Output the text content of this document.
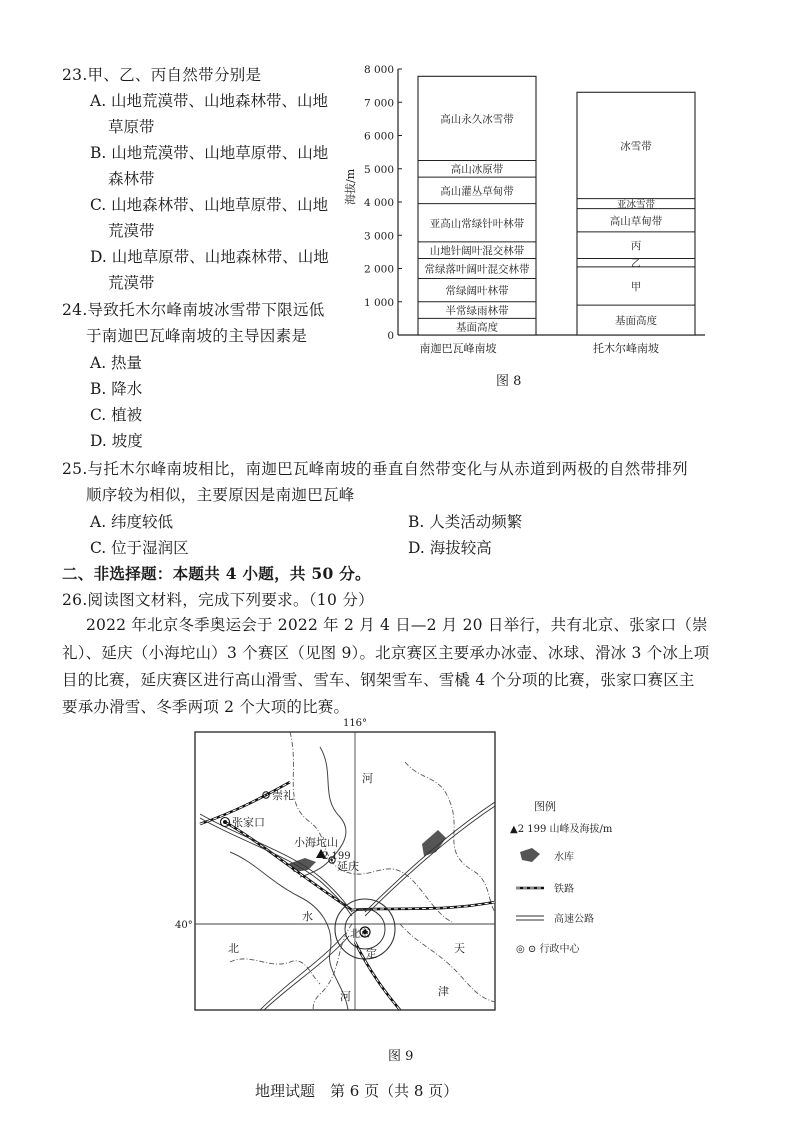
23.甲、乙、丙自然带分别是
A. 山地荒漠带、山地森林带、山地
草原带
B. 山地荒漠带、山地草原带、山地
森林带
C. 山地森林带、山地草原带、山地
荒漠带
D. 山地草原带、山地森林带、山地
荒漠带
24.导致托木尔峰南坡冰雪带下限远低
于南迦巴瓦峰南坡的主导因素是
A. 热量
B. 降水
C. 植被
D. 坡度
8 000
7 000
6 000
5 000
4 000
3 000
2 000
1 000
0
基面高度
半常绿雨林带
常绿阔叶林带
常绿落叶阔叶混交林带
山地针阔叶混交林带
亚高山常绿针叶林带
高山灌丛草甸带
高山冰原带
高山永久冰雪带
基面高度
甲
乙
丙
高山草甸带
亚冰雪带
冰雪带
海拔/m
南迦巴瓦峰南坡	托木尔峰南坡
图 8
25.与托木尔峰南坡相比，南迦巴瓦峰南坡的垂直自然带变化与从赤道到两极的自然带排列
顺序较为相似，主要原因是南迦巴瓦峰
A. 纬度较低	B. 人类活动频繁
C. 位于湿润区	D. 海拔较高
二、非选择题：本题共 4 小题，共 50 分。
26.阅读图文材料，完成下列要求。（10 分）
2022 年北京冬季奥运会于 2022 年 2 月 4 日—2 月 20 日举行，共有北京、张家口（崇
礼）、延庆（小海坨山）3 个赛区（见图 9）。北京赛区主要承办冰壶、冰球、滑冰 3 个冰上项
目的比赛，延庆赛区进行高山滑雪、雪车、钢架雪车、雪橇 4 个分项的比赛，张家口赛区主
要承办滑雪、冬季两项 2 个大项的比赛。
116°
40°
崇礼
张家口
小海坨山
2 199
延庆
北京
河
北
水
定
河
天
津
图例
▲2 199 山峰及海拔/m
水库
铁路
高速公路
◎ ⊙ 行政中心
图 9
地理试题　第 6 页（共 8 页）
